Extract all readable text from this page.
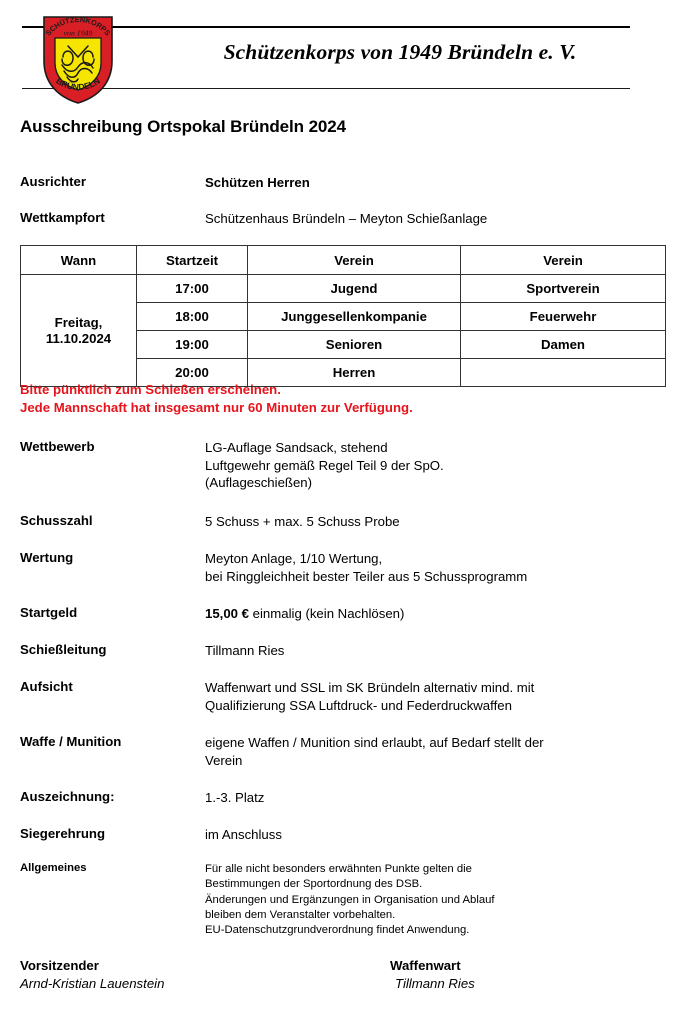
SCHÜTZENKORPS
von 1949
BRÜNDELN
Schützenkorps von 1949 Bründeln e. V.
Ausschreibung Ortspokal Bründeln 2024
Ausrichter	Schützen Herren
Wettkampfort	Schützenhaus Bründeln – Meyton Schießanlage
Wann	Startzeit	Verein	Verein

Freitag,
11.10.2024	17:00	Jugend	Sportverein
	18:00	Junggesellenkompanie	Feuerwehr
	19:00	Senioren	Damen
	20:00	Herren	
Bitte pünktlich zum Schießen erscheinen.
Jede Mannschaft hat insgesamt nur 60 Minuten zur Verfügung.
Wettbewerb	LG-Auflage Sandsack, stehend
Luftgewehr gemäß Regel Teil 9 der SpO.
(Auflageschießen)
Schusszahl	5 Schuss + max. 5 Schuss Probe
Wertung	Meyton Anlage, 1/10 Wertung,
bei Ringgleichheit bester Teiler aus 5 Schussprogramm
Startgeld	15,00 € einmalig (kein Nachlösen)
Schießleitung	Tillmann Ries
Aufsicht	Waffenwart und SSL im SK Bründeln alternativ mind. mit
Qualifizierung SSA Luftdruck- und Federdruckwaffen
Waffe / Munition	eigene Waffen / Munition sind erlaubt, auf Bedarf stellt der
Verein
Auszeichnung:	1.-3. Platz
Siegerehrung	im Anschluss
Allgemeines	Für alle nicht besonders erwähnten Punkte gelten die
Bestimmungen der Sportordnung des DSB.
Änderungen und Ergänzungen in Organisation und Ablauf
bleiben dem Veranstalter vorbehalten.
EU-Datenschutzgrundverordnung findet Anwendung.
Vorsitzender
Arnd-Kristian Lauenstein
Waffenwart
Tillmann Ries
